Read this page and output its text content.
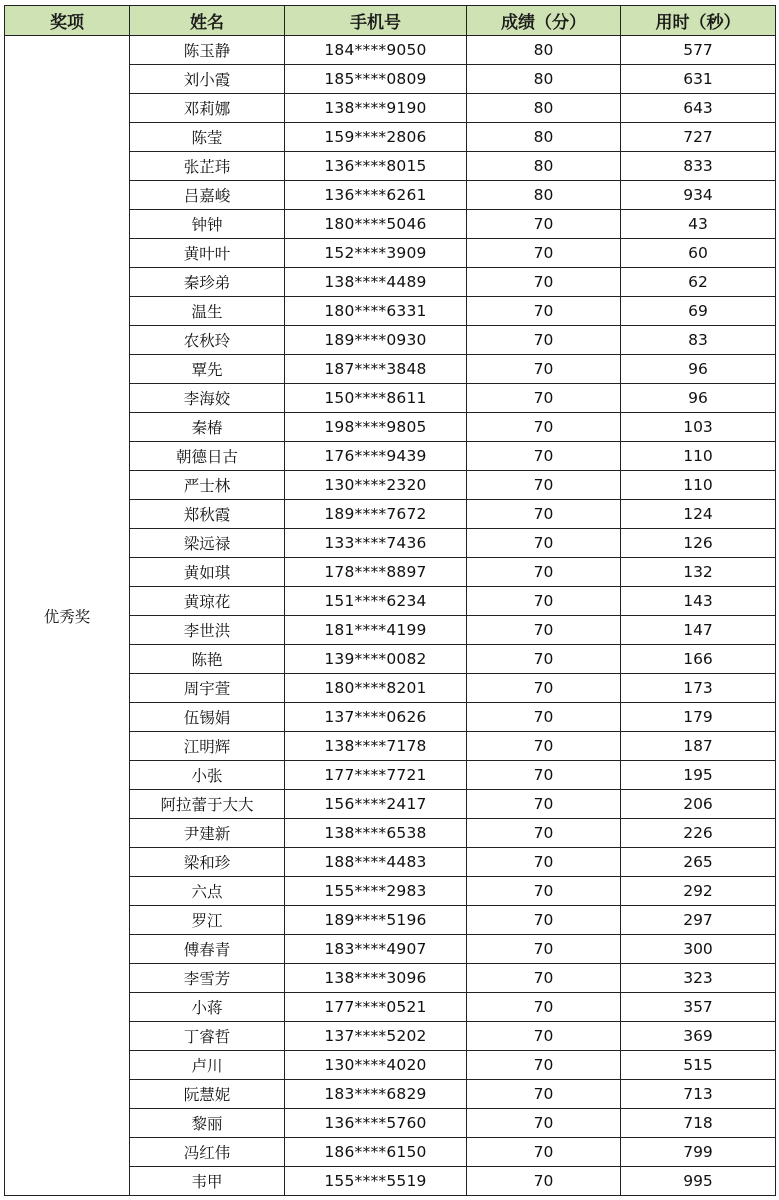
奖项	姓名	手机号	成绩（分）	用时（秒）
优秀奖	陈玉静	184****9050	80	577
	刘小霞	185****0809	80	631
	邓莉娜	138****9190	80	643
	陈莹	159****2806	80	727
	张芷玮	136****8015	80	833
	吕嘉峻	136****6261	80	934
	钟钟	180****5046	70	43
	黄叶叶	152****3909	70	60
	秦珍弟	138****4489	70	62
	温生	180****6331	70	69
	农秋玲	189****0930	70	83
	覃先	187****3848	70	96
	李海姣	150****8611	70	96
	秦椿	198****9805	70	103
	朝德日古	176****9439	70	110
	严士林	130****2320	70	110
	郑秋霞	189****7672	70	124
	梁远禄	133****7436	70	126
	黄如琪	178****8897	70	132
	黄琼花	151****6234	70	143
	李世洪	181****4199	70	147
	陈艳	139****0082	70	166
	周宇萱	180****8201	70	173
	伍锡娟	137****0626	70	179
	江明辉	138****7178	70	187
	小张	177****7721	70	195
	阿拉蕾于大大	156****2417	70	206
	尹建新	138****6538	70	226
	梁和珍	188****4483	70	265
	六点	155****2983	70	292
	罗江	189****5196	70	297
	傅春青	183****4907	70	300
	李雪芳	138****3096	70	323
	小蒋	177****0521	70	357
	丁睿哲	137****5202	70	369
	卢川	130****4020	70	515
	阮慧妮	183****6829	70	713
	黎丽	136****5760	70	718
	冯红伟	186****6150	70	799
	韦甲	155****5519	70	995
